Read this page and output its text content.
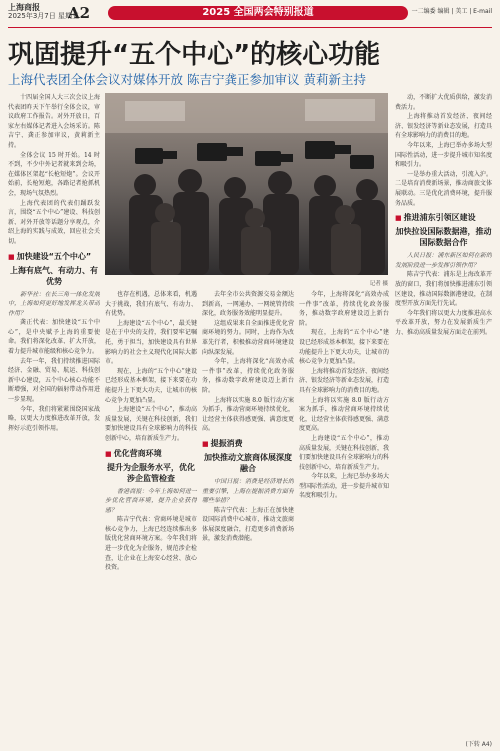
上海商报
2025年3月7日 星期五
A2	2025 全国两会特别报道	一二编委 编辑 | 美工 | E-mail
巩固提升“五个中心”的核心功能
上海代表团全体会议对媒体开放 陈吉宁龚正参加审议 黄莉新主持

十四届全国人大三次会议上海代表团昨天下午举行全体会议，审议政府工作报告。对外开放日，百家左右媒体记者进入会场采访。陈吉宁、龚正参加审议，黄莉新主持。

全体会议 15 时开始。14 时不到，不少中外记者就来到会场，在媒体区架起“长枪短炮”。会议开始前，长枪短炮，各路记者抢抓机会，现场气氛热烈。

上海代表团的代表们踊跃发言，围绕“五个中心”建设、科技创新、对外开放等话题分享观点，介绍上海的实践与成效，回应社会关切。

■ 加快建设“五个中心”
上海有底气、有动力、有优势

新华社：在长三角一体化发展中，上海如何更好地发挥龙头带动作用？

龚正代表：加快建设“五个中心”，是中央赋予上海的重要使命。我们将深化改革、扩大开放，着力提升城市能级和核心竞争力。

去年一年，我们持续推进国际经济、金融、贸易、航运、科技创新中心建设，五个中心核心功能不断增强，对全国的辐射带动作用进一步显现。

今年，我们将紧紧围绕国家战略，以更大力度推进改革开放，发挥好示范引领作用。

记者 摄

也存在机遇，总体来看，机遇大于挑战，我们有底气、有动力、有优势。

上海建设“五个中心”，最关键是在于中央的支持，我们要牢记嘱托，勇于担当，加快建设具有世界影响力的社会主义现代化国际大都市。

现在，上海的“五个中心”建设已经形成基本框架，接下来要在功能提升上下更大功夫，让城市的核心竞争力更加凸显。

上海建设“五个中心”，推动高质量发展，关键在科技创新，我们要加快建设具有全球影响力的科技创新中心，培育新质生产力。

■ 优化营商环境
提升为企服务水平，优化涉企监管检查

香港商报：今年上海如何进一步优化营商环境，提升企业获得感？

陈吉宁代表：营商环境是城市核心竞争力，上海已经连续推出多版优化营商环境方案。今年我们将进一步优化为企服务，规范涉企检查，让企业在上海安心经营、放心投资。

去年全市公共资源交易金额达到新高，一网通办、一网统管持续深化，政务服务效能明显提升。

这组成果来自全面推进优化营商环境的努力。同时，上海作为改革先行者，积极推动营商环境建设向纵深发展。

今年，上海将深化“高效办成一件事”改革，持续优化政务服务，推动数字政府建设迈上新台阶。

上海将以实施 8.0 版行动方案为抓手，推动营商环境持续优化，让经营主体获得感更强、满意度更高。

■ 提振消费
加快推动文旅商体展深度融合

中国日报：消费是经济增长的重要引擎，上海在提振消费方面有哪些举措？

陈吉宁代表：上海正在加快建设国际消费中心城市，推动文旅商体展深度融合，打造更多消费新场景，激发消费潜能。

动，不断扩大优质供给，激发消费活力。

上海将推动首发经济、夜间经济、银发经济等新业态发展，打造具有全球影响力的消费目的地。

今年以来，上海已举办多场大型国际性活动，进一步提升城市知名度和吸引力。

一是举办重大活动，引流入沪。二是培育消费新场景，推动商旅文体展联动。三是优化消费环境，提升服务品质。

■ 推进浦东引领区建设
加快拉设国际数据港，推动国际数据合作

人民日报：浦东新区如何在新的发展阶段进一步发挥引领作用？

陈吉宁代表：浦东是上海改革开放的窗口，我们将加快推进浦东引领区建设，推动国际数据港建设，在制度型开放方面先行先试。

今年我们将以更大力度推进高水平改革开放，努力在发展新质生产力、推动高质量发展方面走在前列。

今年，上海将深化“高效办成一件事”改革，持续优化政务服务，推动数字政府建设迈上新台阶。

现在，上海的“五个中心”建设已经形成基本框架，接下来要在功能提升上下更大功夫，让城市的核心竞争力更加凸显。

上海将推动首发经济、夜间经济、银发经济等新业态发展，打造具有全球影响力的消费目的地。

上海将以实施 8.0 版行动方案为抓手，推动营商环境持续优化，让经营主体获得感更强、满意度更高。

上海建设“五个中心”，推动高质量发展，关键在科技创新，我们要加快建设具有全球影响力的科技创新中心，培育新质生产力。

今年以来，上海已举办多场大型国际性活动，进一步提升城市知名度和吸引力。

(下转 A4)
